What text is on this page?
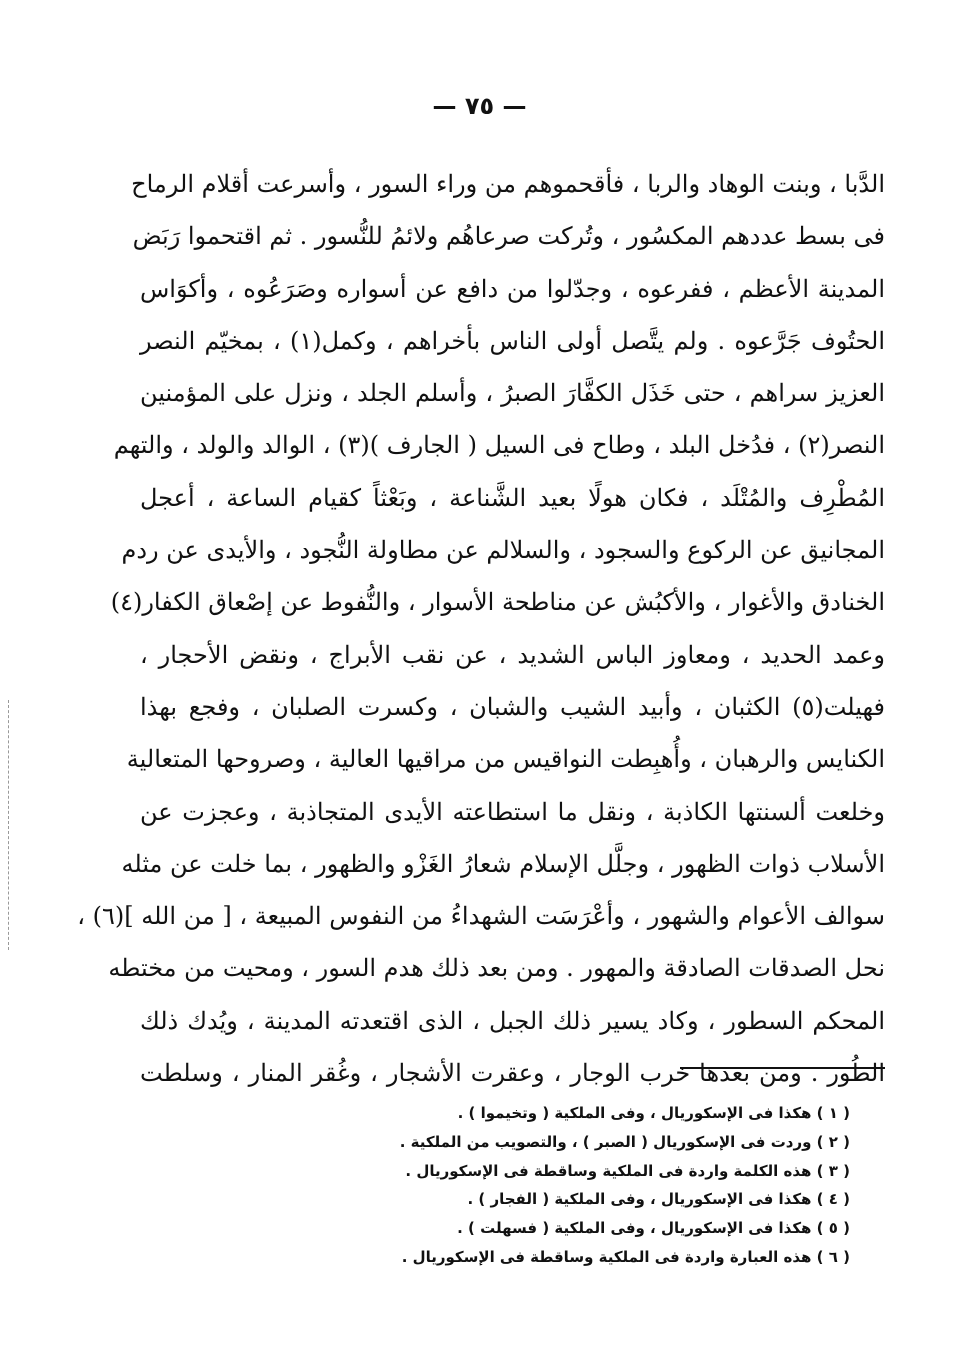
— ٧٥ —
الدَّبا ، وبنت الوهاد والربا ، فأقحموهم من وراء السور ، وأسرعت أقلام الرماح
فى بسط عددهم المكسُور ، وتُركت صرعاهُم ولائمُ للنُّسور . ثم اقتحموا رَبَض
المدينة الأعظم ، ففرعوه ، وجدّلوا من دافع عن أسواره وصَرَعُوه ، وأكوَاس
الحتُوف جَرَّعوه . ولم يتَّصل أولى الناس بأخراهم ، وكمل(١) ، بمخيّم النصر
العزيز سراهم ، حتى خَذَل الكفَّارَ الصبرُ ، وأسلم الجلد ، ونزل على المؤمنين
النصر(٢) ، فدُخل البلد ، وطاح فى السيل ( الجارف )(٣) ، الوالد والولد ، والتهم
المُطْرِف والمُتْلَد ، فكان هولًا بعيد الشَّناعة ، وبَعْثاً كقيام الساعة ، أعجل
المجانيق عن الركوع والسجود ، والسلالم عن مطاولة النُّجود ، والأيدى عن ردم
الخنادق والأغوار ، والأكبُش عن مناطحة الأسوار ، والنُّفوط عن إصْعاق الكفار(٤)
وعمد الحديد ، ومعاوز الباس الشديد ، عن نقب الأبراج ، ونقض الأحجار ،
فهيلت(٥) الكثبان ، وأبيد الشيب والشبان ، وكسرت الصلبان ، وفجع بهذا
الكنايس والرهبان ، وأُهبِطت النواقيس من مراقيها العالية ، وصروحها المتعالية
وخلعت ألسنتها الكاذبة ، ونقل ما استطاعته الأيدى المتجاذبة ، وعجزت عن
الأسلاب ذوات الظهور ، وجلَّل الإسلام شعارُ الغَزْو والظهور ، بما خلت عن مثله
سوالف الأعوام والشهور ، وأعْرَسَت الشهداءُ من النفوس المبيعة ، [ من الله ](٦) ،
نحل الصدقات الصادقة والمهور . ومن بعد ذلك هدم السور ، ومحيت من مختطه
المحكم السطور ، وكاد يسير ذلك الجبل ، الذى اقتعدته المدينة ، ويُدك ذلك
الطُور . ومن بعدها خرب الوجار ، وعقرت الأشجار ، وغُقر المنار ، وسلطت
( ١ ) هكذا فى الإسكوريال ، وفى الملكية ( وتخيموا ) .
( ٢ ) وردت فى الإسكوريال ( الصبر ) ، والتصويب من الملكية .
( ٣ ) هذه الكلمة واردة فى الملكية وساقطة فى الإسكوريال .
( ٤ ) هكذا فى الإسكوريال ، وفى الملكية ( الفجار ) .
( ٥ ) هكذا فى الإسكوريال ، وفى الملكية ( فسهلت ) .
( ٦ ) هذه العبارة واردة فى الملكية وساقطة فى الإسكوريال .
